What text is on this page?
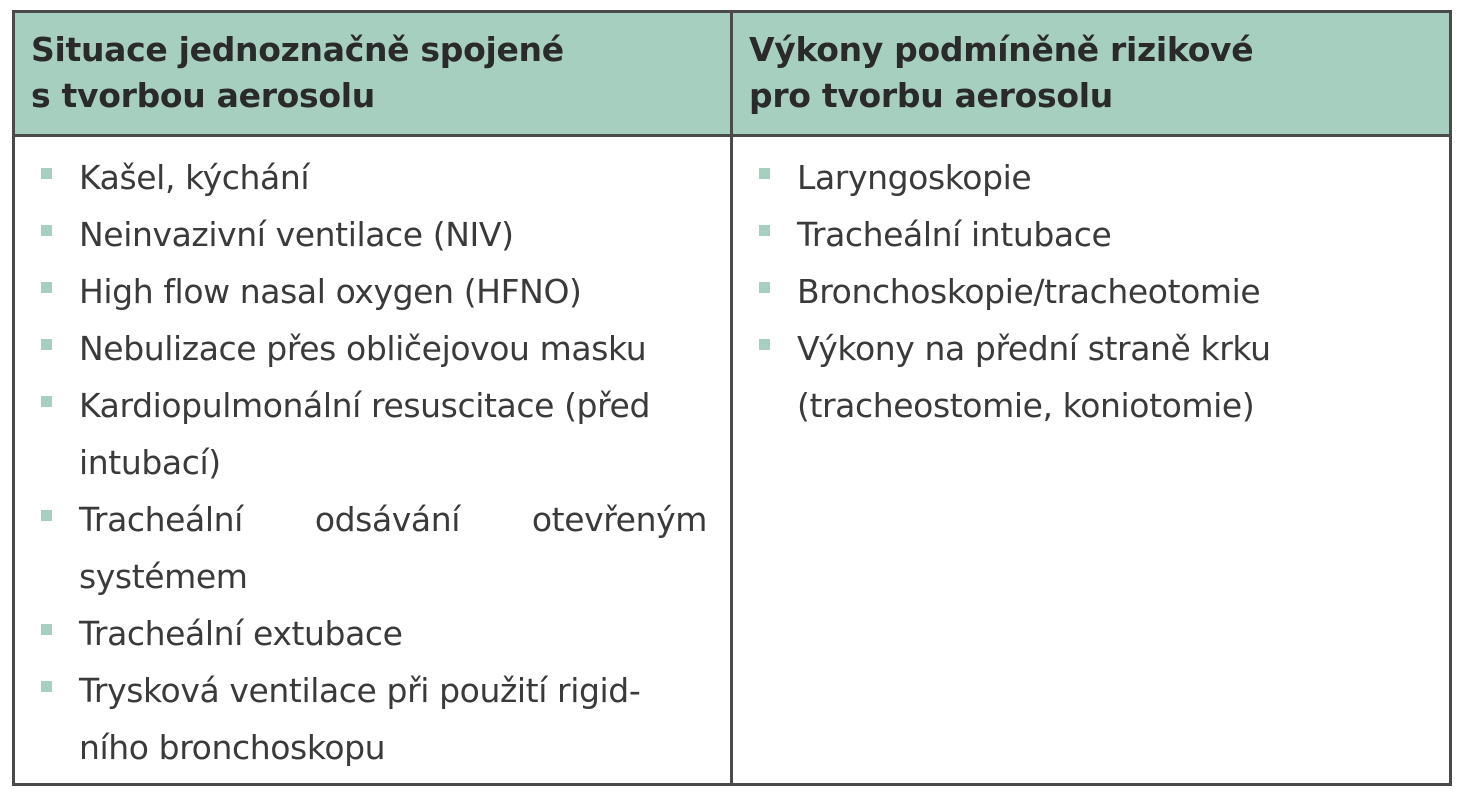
Situace jednoznačně spojené
s tvorbou aerosolu
Výkony podmíněně rizikové
pro tvorbu aerosolu
Kašel, kýchání
Neinvazivní ventilace (NIV)
High flow nasal oxygen (HFNO)
Nebulizace přes obličejovou masku
Kardiopulmonální resuscitace (před
intubací)
Tracheální odsávání otevřeným
systémem
Tracheální extubace
Trysková ventilace při použití rigid-
ního bronchoskopu
Laryngoskopie
Tracheální intubace
Bronchoskopie/tracheotomie
Výkony na přední straně krku
(tracheostomie, koniotomie)
